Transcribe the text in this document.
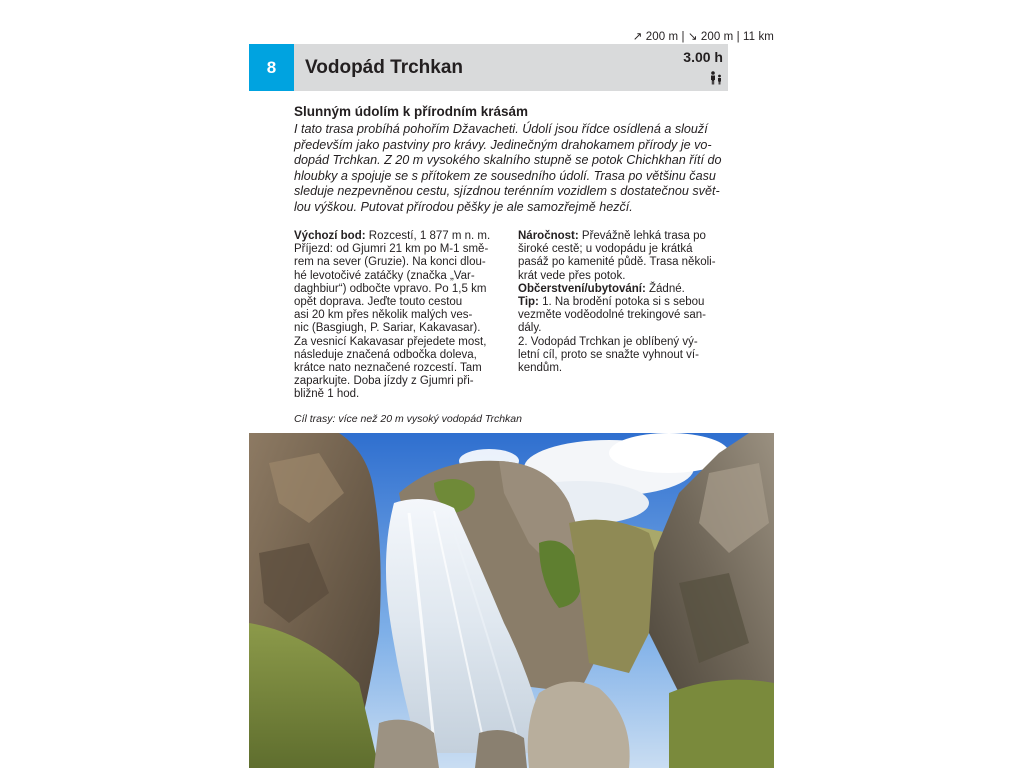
↗ 200 m | ↘ 200 m | 11 km
8	Vodopád Trchkan	3.00 h

Slunným údolím k přírodním krásám

I tato trasa probíhá pohořím Džavacheti. Údolí jsou řídce osídlená a slouží
především jako pastviny pro krávy. Jedinečným drahokamem přírody je vo-
dopád Trchkan. Z 20 m vysokého skalního stupně se potok Chichkhan řítí do
hloubky a spojuje se s přítokem ze sousedního údolí. Trasa po většinu času
sleduje nezpevněnou cestu, sjízdnou terénním vozidlem s dostatečnou svět-
lou výškou. Putovat přírodou pěšky je ale samozřejmě hezčí.

Výchozí bod: Rozcestí, 1 877 m n. m.

Příjezd: od Gjumri 21 km po M-1 smě-
rem na sever (Gruzie). Na konci dlou-
hé levotočivé zatáčky (značka „Var-
daghbiur“) odbočte vpravo. Po 1,5 km
opět doprava. Jeďte touto cestou
asi 20 km přes několik malých ves-
nic (Basgiugh, P. Sariar, Kakavasar).
Za vesnicí Kakavasar přejedete most,
následuje značená odbočka doleva,
krátce nato neznačené rozcestí. Tam
zaparkujte. Doba jízdy z Gjumri při-
bližně 1 hod.

Náročnost: Převážně lehká trasa po
široké cestě; u vodopádu je krátká
pasáž po kamenité půdě. Trasa několi-
krát vede přes potok.

Občerstvení/ubytování: Žádné.

Tip: 1. Na brodění potoka si s sebou
vezměte voděodolné trekingové san-
dály.
2. Vodopád Trchkan je oblíbený vý-
letní cíl, proto se snažte vyhnout ví-
kendům.

Cíl trasy: více než 20 m vysoký vodopád Trchkan
